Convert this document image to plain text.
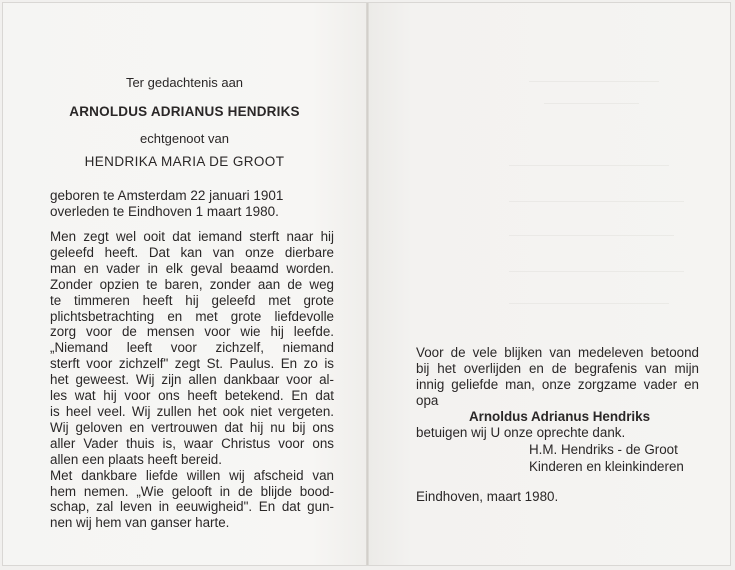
Ter gedachtenis aan
ARNOLDUS ADRIANUS HENDRIKS
echtgenoot van
HENDRIKA MARIA DE GROOT
geboren te Amsterdam 22 januari 1901
overleden te Eindhoven 1 maart 1980.
Men zegt wel ooit dat iemand sterft naar hij
geleefd heeft. Dat kan van onze dierbare
man en vader in elk geval beaamd worden.
Zonder opzien te baren, zonder aan de weg
te timmeren heeft hij geleefd met grote
plichtsbetrachting en met grote liefdevolle
zorg voor de mensen voor wie hij leefde.
„Niemand leeft voor zichzelf, niemand
sterft voor zichzelf" zegt St. Paulus. En zo is
het geweest. Wij zijn allen dankbaar voor al-
les wat hij voor ons heeft betekend. En dat
is heel veel. Wij zullen het ook niet vergeten.
Wij geloven en vertrouwen dat hij nu bij ons
aller Vader thuis is, waar Christus voor ons
allen een plaats heeft bereid.
Met dankbare liefde willen wij afscheid van
hem nemen. „Wie gelooft in de blijde bood-
schap, zal leven in eeuwigheid". En dat gun-
nen wij hem van ganser harte.
Voor de vele blijken van medeleven betoond
bij het overlijden en de begrafenis van mijn
innig geliefde man, onze zorgzame vader en
opa
Arnoldus Adrianus Hendriks
betuigen wij U onze oprechte dank.
H.M. Hendriks - de Groot
Kinderen en kleinkinderen
Eindhoven, maart 1980.
